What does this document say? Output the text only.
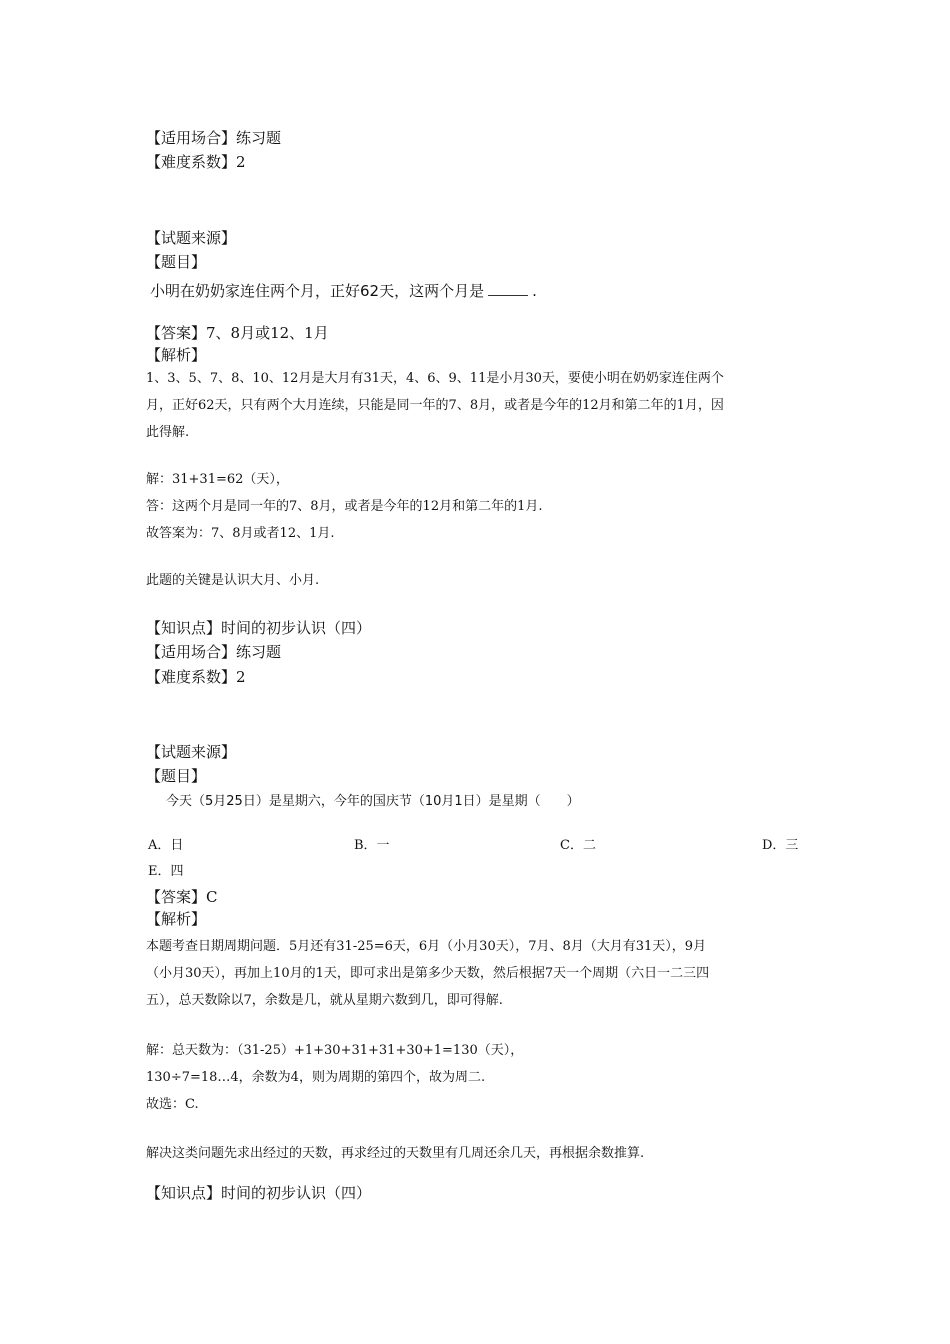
【适用场合】练习题
【难度系数】2
【试题来源】
【题目】
小明在奶奶家连住两个月，正好62天，这两个月是	.
【答案】7、8月或12、1月
【解析】
1、3、5、7、8、10、12月是大月有31天，4、6、9、11是小月30天，要使小明在奶奶家连住两个
月，正好62天，只有两个大月连续，只能是同一年的7、8月，或者是今年的12月和第二年的1月，因
此得解.
解：31+31=62（天），
答：这两个月是同一年的7、8月，或者是今年的12月和第二年的1月.
故答案为：7、8月或者12、1月.
此题的关键是认识大月、小月.
【知识点】时间的初步认识（四）
【适用场合】练习题
【难度系数】2
【试题来源】
【题目】
今天（5月25日）是星期六，今年的国庆节（10月1日）是星期（　　）
A．日	B．一	C．二	D．三
E．四
【答案】C
【解析】
本题考查日期周期问题．5月还有31-25=6天，6月（小月30天），7月、8月（大月有31天），9月
（小月30天），再加上10月的1天，即可求出是第多少天数，然后根据7天一个周期（六日一二三四
五），总天数除以7，余数是几，就从星期六数到几，即可得解.
解：总天数为：（31-25）+1+30+31+31+30+1=130（天），
130÷7=18…4，余数为4，则为周期的第四个，故为周二.
故选：C.
解决这类问题先求出经过的天数，再求经过的天数里有几周还余几天，再根据余数推算.
【知识点】时间的初步认识（四）
